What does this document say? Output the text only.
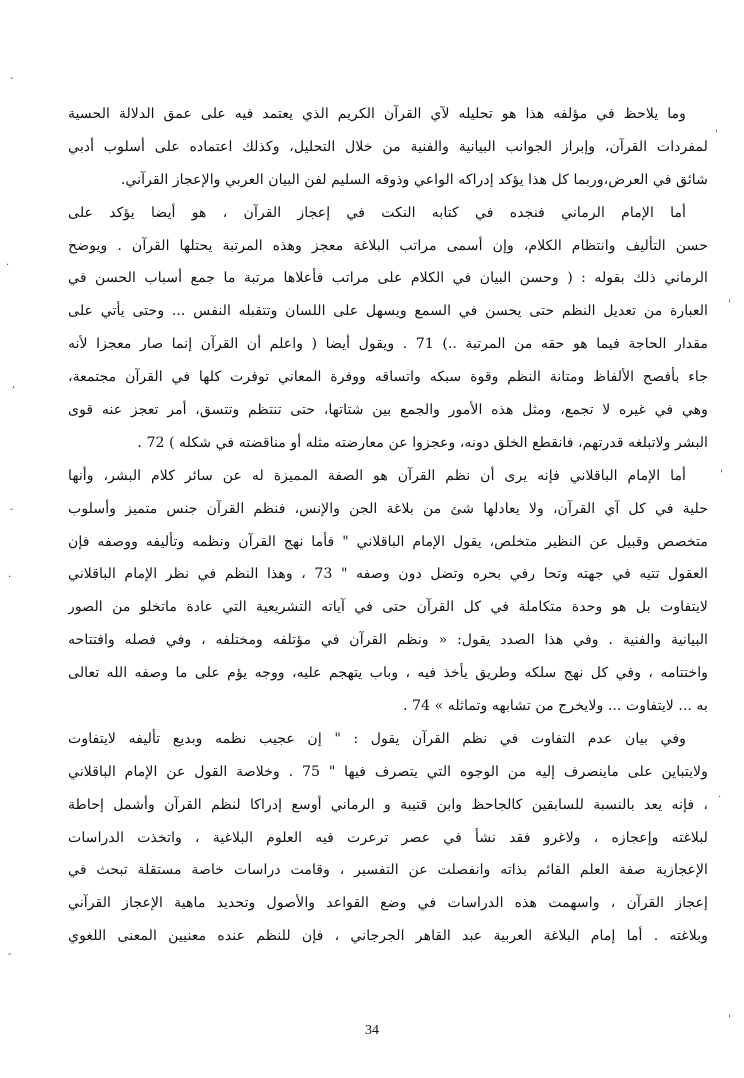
-
'
.
'
,
'
-
.
.
-
'
وما يلاحظ في مؤلفه هذا هو تحليله لآي القرآن الكريم الذي يعتمد فيه على عمق الدلالة الحسية
لمفردات القرآن، وإبراز الجوانب البيانية والفنية من خلال التحليل، وكذلك اعتماده على أسلوب أدبي
شائق في العرض،وربما كل هذا يؤكد إدراكه الواعي وذوقه السليم لفن البيان العربي والإعجاز القرآني.
أما الإمام الرماني فنجده في كتابه النكت في إعجاز القرآن ، هو أيضا يؤكد على
حسن التأليف وانتظام الكلام، وإن أسمى مراتب البلاغة معجز وهذه المرتبة يحتلها القرآن . ويوضح
الرماني ذلك بقوله : ( وحسن البيان في الكلام على مراتب فأعلاها مرتبة ما جمع أسباب الحسن في
العبارة من تعديل النظم حتى يحسن في السمع ويسهل على اللسان وتتقبله النفس ... وحتى يأتي على
مقدار الحاجة فيما هو حقه من المرتبة ..) 71 . ويقول أيضا ( واعلم أن القرآن إنما صار معجزا لأنه
جاء بأفصح الألفاظ ومتانة النظم وقوة سبكه واتساقه ووفرة المعاني توفرت كلها في القرآن مجتمعة،
وهي في غيره لا تجمع، ومثل هذه الأمور والجمع بين شتاتها، حتى تنتظم وتتسق، أمر تعجز عنه قوى
البشر ولاتبلغه قدرتهم، فانقطع الخلق دونه، وعجزوا عن معارضته مثله أو مناقضته في شكله ) 72 .
أما الإمام الباقلاني فإنه يرى أن نظم القرآن هو الصفة المميزة له عن سائر كلام البشر، وأنها
حلية في كل آي القرآن، ولا يعادلها شئ من بلاغة الجن والإنس، فنظم القرآن جنس متميز وأسلوب
متخصص وقبيل عن النظير متخلص، يقول الإمام الباقلاني " فأما نهج القرآن ونظمه وتأليفه ووصفه فإن
العقول تتيه في جهته وتحا رفي بحره وتضل دون وصفه " 73 ، وهذا النظم في نظر الإمام الباقلاني
لايتفاوت بل هو وحدة متكاملة في كل القرآن حتى في آياته التشريعية التي عادة ماتخلو من الصور
البيانية والفنية . وفي هذا الصدد يقول: « ونظم القرآن في مؤتلفه ومختلفه ، وفي فصله وافتتاحه
واختتامه ، وفي كل نهج سلكه وطريق يأخذ فيه ، وباب يتهجم عليه، ووجه يؤم على ما وصفه الله تعالى
به ... لايتفاوت ... ولايخرج من تشابهه وتماثله » 74 .
وفي بيان عدم التفاوت في نظم القرآن يقول : " إن عجيب نظمه وبديع تأليفه لايتفاوت
ولايتباين على ماينصرف إليه من الوجوه التي يتصرف فيها " 75 . وخلاصة القول عن الإمام الباقلاني
، فإنه يعد بالنسبة للسابقين كالجاحظ وابن قتيبة و الرماني أوسع إدراكا لنظم القرآن وأشمل إحاطة
لبلاغته وإعجازه ، ولاغرو فقد نشأ في عصر ترعرت فيه العلوم البلاغية ، واتخذت الدراسات
الإعجازية صفة العلم القائم بذاته وانفصلت عن التفسير ، وقامت دراسات خاصة مستقلة تبحث في
إعجاز القرآن ، واسهمت هذه الدراسات في وضع القواعد والأصول وتحديد ماهية الإعجاز القرآني
وبلاغته . أما إمام البلاغة العربية عبد القاهر الجرجاني ، فإن للنظم عنده معنيين المعنى اللغوي
34
